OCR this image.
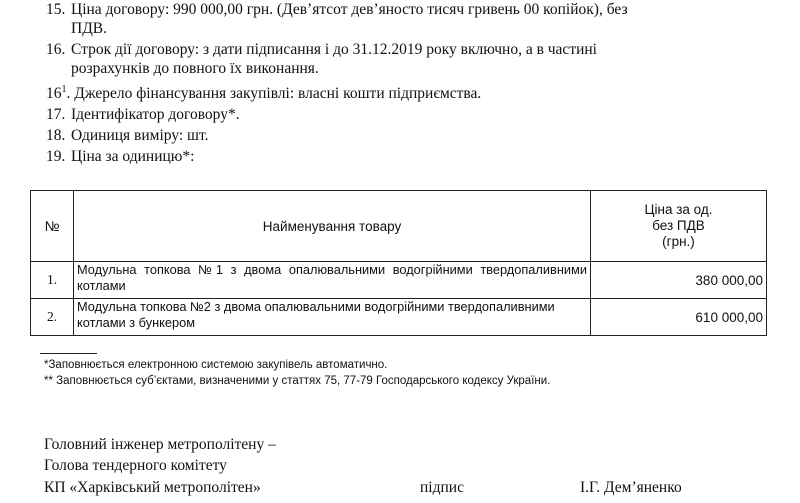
15. Ціна договору: 990 000,00 грн. (Дев’ятсот дев’яносто тисяч гривень 00 копійок), без
ПДВ.
16. Строк дії договору: з дати підписання і до 31.12.2019 року включно, а в частині
розрахунків до повного їх виконання.
$16^1$. Джерело фінансування закупівлі: власні кошти підприємства.
17. Ідентифікатор договору*.
18. Одиниця виміру: шт.
19. Ціна за одиницю*:
№	Найменування товару	Ціна за од.
без ПДВ
(грн.)

1.	Модульна топкова №1 з двома опалювальними водогрійними твердопаливними котлами	380 000,00
2.	Модульна топкова №2 з двома опалювальними водогрійними твердопаливними котлами з бункером	610 000,00
*Заповнюється електронною системою закупівель автоматично.
** Заповнюється суб’єктами, визначеними у статтях 75, 77-79 Господарського кодексу України.
Головний інженер метрополітену –
Голова тендерного комітету
КП «Харківський метрополітен»	підпис	І.Г. Дем’яненко
